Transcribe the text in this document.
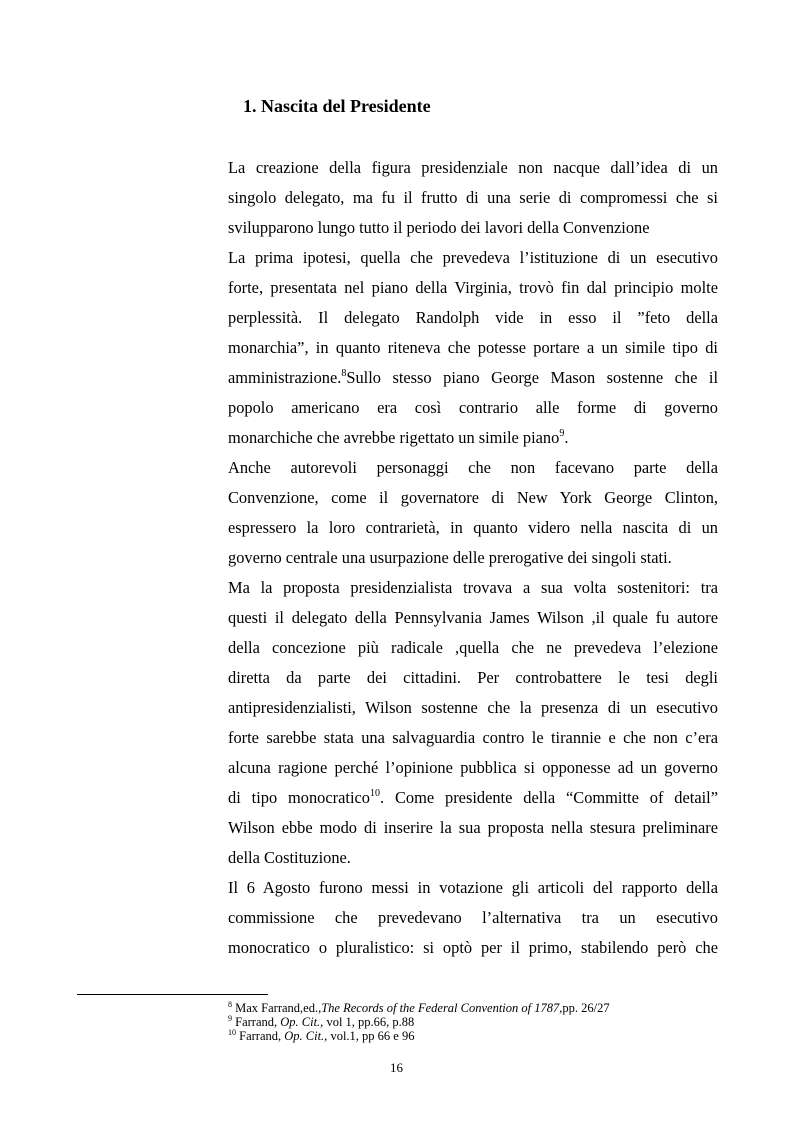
1. Nascita del Presidente
La creazione della figura presidenziale non nacque dall’idea di un
singolo delegato, ma fu il frutto di una serie di compromessi che si
svilupparono lungo tutto il periodo dei lavori della Convenzione
La prima ipotesi, quella che prevedeva l’istituzione di un esecutivo
forte, presentata nel piano della Virginia, trovò fin dal principio molte
perplessità. Il delegato Randolph vide in esso il ”feto della
monarchia”, in quanto riteneva che potesse portare a un simile tipo di
amministrazione.$^8$Sullo stesso piano George Mason sostenne che il
popolo americano era così contrario alle forme di governo
monarchiche che avrebbe rigettato un simile piano$^9$.
Anche autorevoli personaggi che non facevano parte della
Convenzione, come il governatore di New York George Clinton,
espressero la loro contrarietà, in quanto videro nella nascita di un
governo centrale una usurpazione delle prerogative dei singoli stati.
Ma la proposta presidenzialista trovava a sua volta sostenitori: tra
questi il delegato della Pennsylvania James Wilson ,il quale fu autore
della concezione più radicale ,quella che ne prevedeva l’elezione
diretta da parte dei cittadini. Per controbattere le tesi degli
antipresidenzialisti, Wilson sostenne che la presenza di un esecutivo
forte sarebbe stata una salvaguardia contro le tirannie e che non c’era
alcuna ragione perché l’opinione pubblica si opponesse ad un governo
di tipo monocratico$^{10}$. Come presidente della “Committe of detail”
Wilson ebbe modo di inserire la sua proposta nella stesura preliminare
della Costituzione.
Il 6 Agosto furono messi in votazione gli articoli del rapporto della
commissione che prevedevano l’alternativa tra un esecutivo
monocratico o pluralistico: si optò per il primo, stabilendo però che
$^8$ Max Farrand,ed.,The Records of the Federal Convention of 1787,pp. 26/27
$^9$ Farrand, Op. Cit., vol 1, pp.66, p.88
$^{10}$ Farrand, Op. Cit., vol.1, pp 66 e 96
16
